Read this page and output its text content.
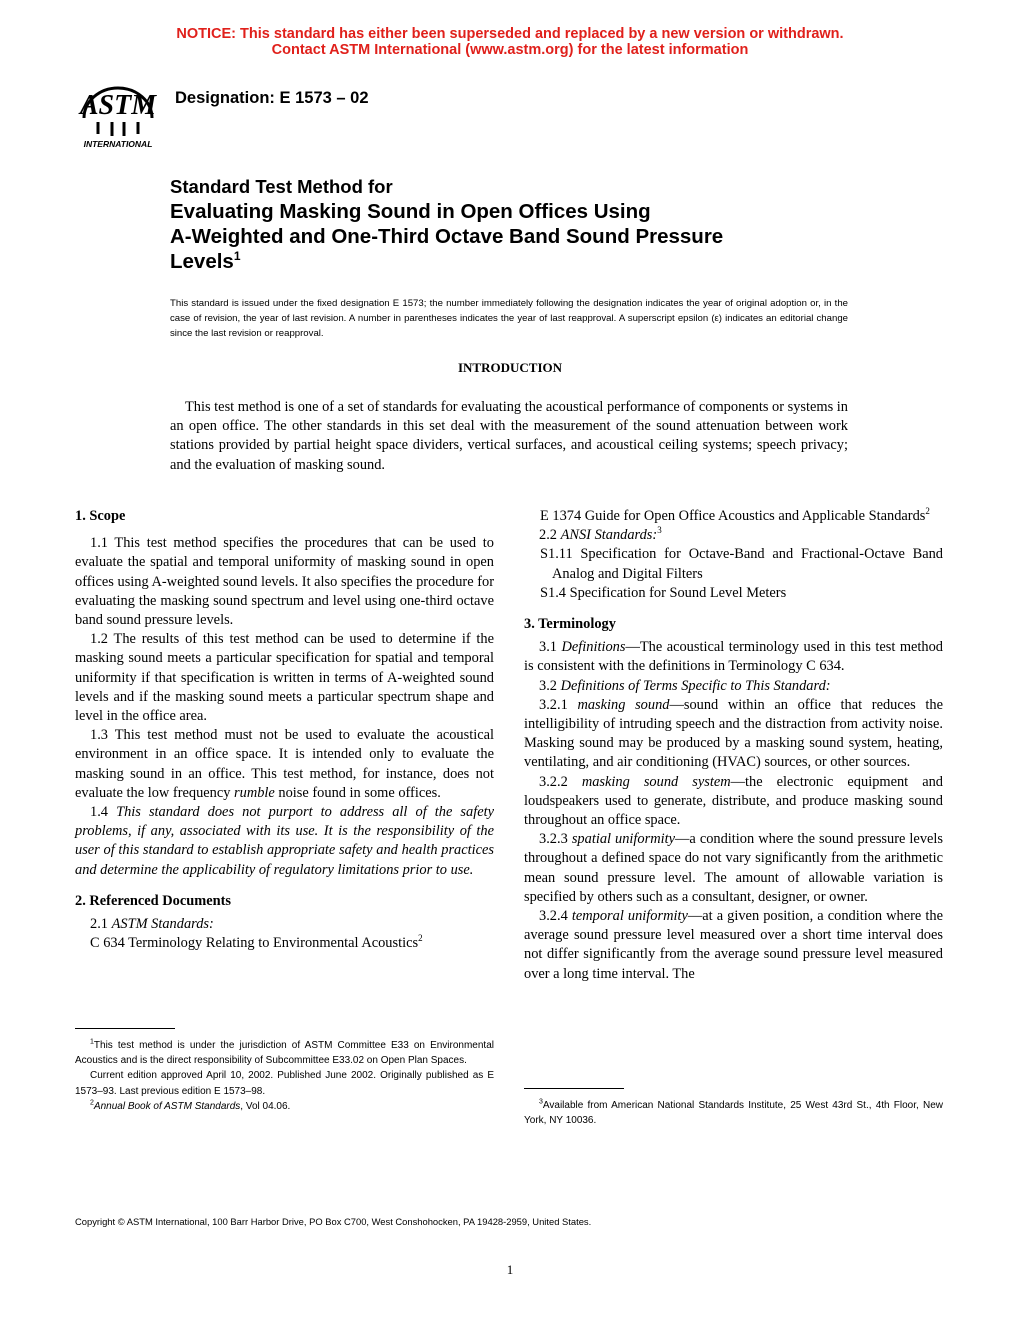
NOTICE: This standard has either been superseded and replaced by a new version or withdrawn.
Contact ASTM International (www.astm.org) for the latest information
ASTM
INTERNATIONAL
Designation: E 1573 – 02
Standard Test Method for
Evaluating Masking Sound in Open Offices Using
A-Weighted and One-Third Octave Band Sound Pressure
Levels$^1$
This standard is issued under the fixed designation E 1573; the number immediately following the designation indicates the year of original adoption or, in the case of revision, the year of last revision. A number in parentheses indicates the year of last reapproval. A superscript epsilon (ε) indicates an editorial change since the last revision or reapproval.
INTRODUCTION
This test method is one of a set of standards for evaluating the acoustical performance of components or systems in an open office. The other standards in this set deal with the measurement of the sound attenuation between work stations provided by partial height space dividers, vertical surfaces, and acoustical ceiling systems; speech privacy; and the evaluation of masking sound.
1. Scope

1.1 This test method specifies the procedures that can be used to evaluate the spatial and temporal uniformity of masking sound in open offices using A-weighted sound levels. It also specifies the procedure for evaluating the masking sound spectrum and level using one-third octave band sound pressure levels.

1.2 The results of this test method can be used to determine if the masking sound meets a particular specification for spatial and temporal uniformity if that specification is written in terms of A-weighted sound levels and if the masking sound meets a particular spectrum shape and level in the office area.

1.3 This test method must not be used to evaluate the acoustical environment in an office space. It is intended only to evaluate the masking sound in an office. This test method, for instance, does not evaluate the low frequency rumble noise found in some offices.

1.4 This standard does not purport to address all of the safety problems, if any, associated with its use. It is the responsibility of the user of this standard to establish appropriate safety and health practices and determine the applicability of regulatory limitations prior to use.

2. Referenced Documents

2.1 ASTM Standards:

C 634 Terminology Relating to Environmental Acoustics$^2$

E 1374 Guide for Open Office Acoustics and Applicable Standards$^2$

2.2 ANSI Standards:$^3$

S1.11 Specification for Octave-Band and Fractional-Octave Band Analog and Digital Filters

S1.4 Specification for Sound Level Meters

3. Terminology

3.1 Definitions—The acoustical terminology used in this test method is consistent with the definitions in Terminology C 634.

3.2 Definitions of Terms Specific to This Standard:

3.2.1 masking sound—sound within an office that reduces the intelligibility of intruding speech and the distraction from activity noise. Masking sound may be produced by a masking sound system, heating, ventilating, and air conditioning (HVAC) sources, or other sources.

3.2.2 masking sound system—the electronic equipment and loudspeakers used to generate, distribute, and produce masking sound throughout an office space.

3.2.3 spatial uniformity—a condition where the sound pressure levels throughout a defined space do not vary significantly from the arithmetic mean sound pressure level. The amount of allowable variation is specified by others such as a consultant, designer, or owner.

3.2.4 temporal uniformity—at a given position, a condition where the average sound pressure level measured over a short time interval does not differ significantly from the average sound pressure level measured over a long time interval. The

$^1$This test method is under the jurisdiction of ASTM Committee E33 on Environmental Acoustics and is the direct responsibility of Subcommittee E33.02 on Open Plan Spaces.

Current edition approved April 10, 2002. Published June 2002. Originally published as E 1573–93. Last previous edition E 1573–98.

$^2$Annual Book of ASTM Standards, Vol 04.06.	$^3$Available from American National Standards Institute, 25 West 43rd St., 4th Floor, New York, NY 10036.

Copyright © ASTM International, 100 Barr Harbor Drive, PO Box C700, West Conshohocken, PA 19428-2959, United States.
1
